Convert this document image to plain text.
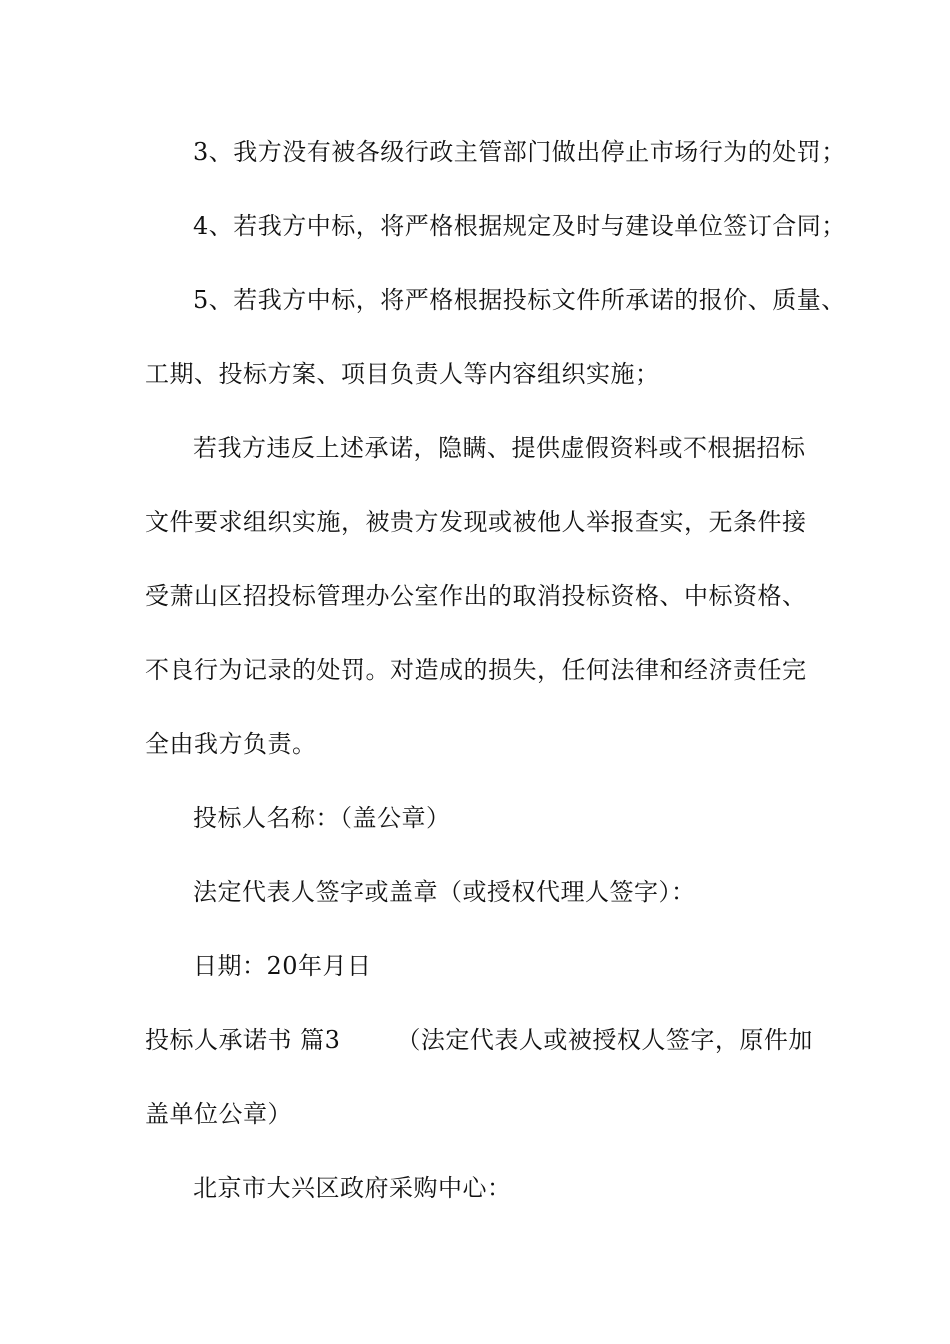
3、我方没有被各级行政主管部门做出停止市场行为的处罚；
4、若我方中标，将严格根据规定及时与建设单位签订合同；
5、若我方中标，将严格根据投标文件所承诺的报价、质量、
工期、投标方案、项目负责人等内容组织实施；
若我方违反上述承诺，隐瞒、提供虚假资料或不根据招标
文件要求组织实施，被贵方发现或被他人举报查实，无条件接
受萧山区招投标管理办公室作出的取消投标资格、中标资格、
不良行为记录的处罚。对造成的损失，任何法律和经济责任完
全由我方负责。
投标人名称：（盖公章）
法定代表人签字或盖章（或授权代理人签字）：
日期：20年月日
投标人承诺书 篇3 （法定代表人或被授权人签字，原件加
盖单位公章）
北京市大兴区政府采购中心：
